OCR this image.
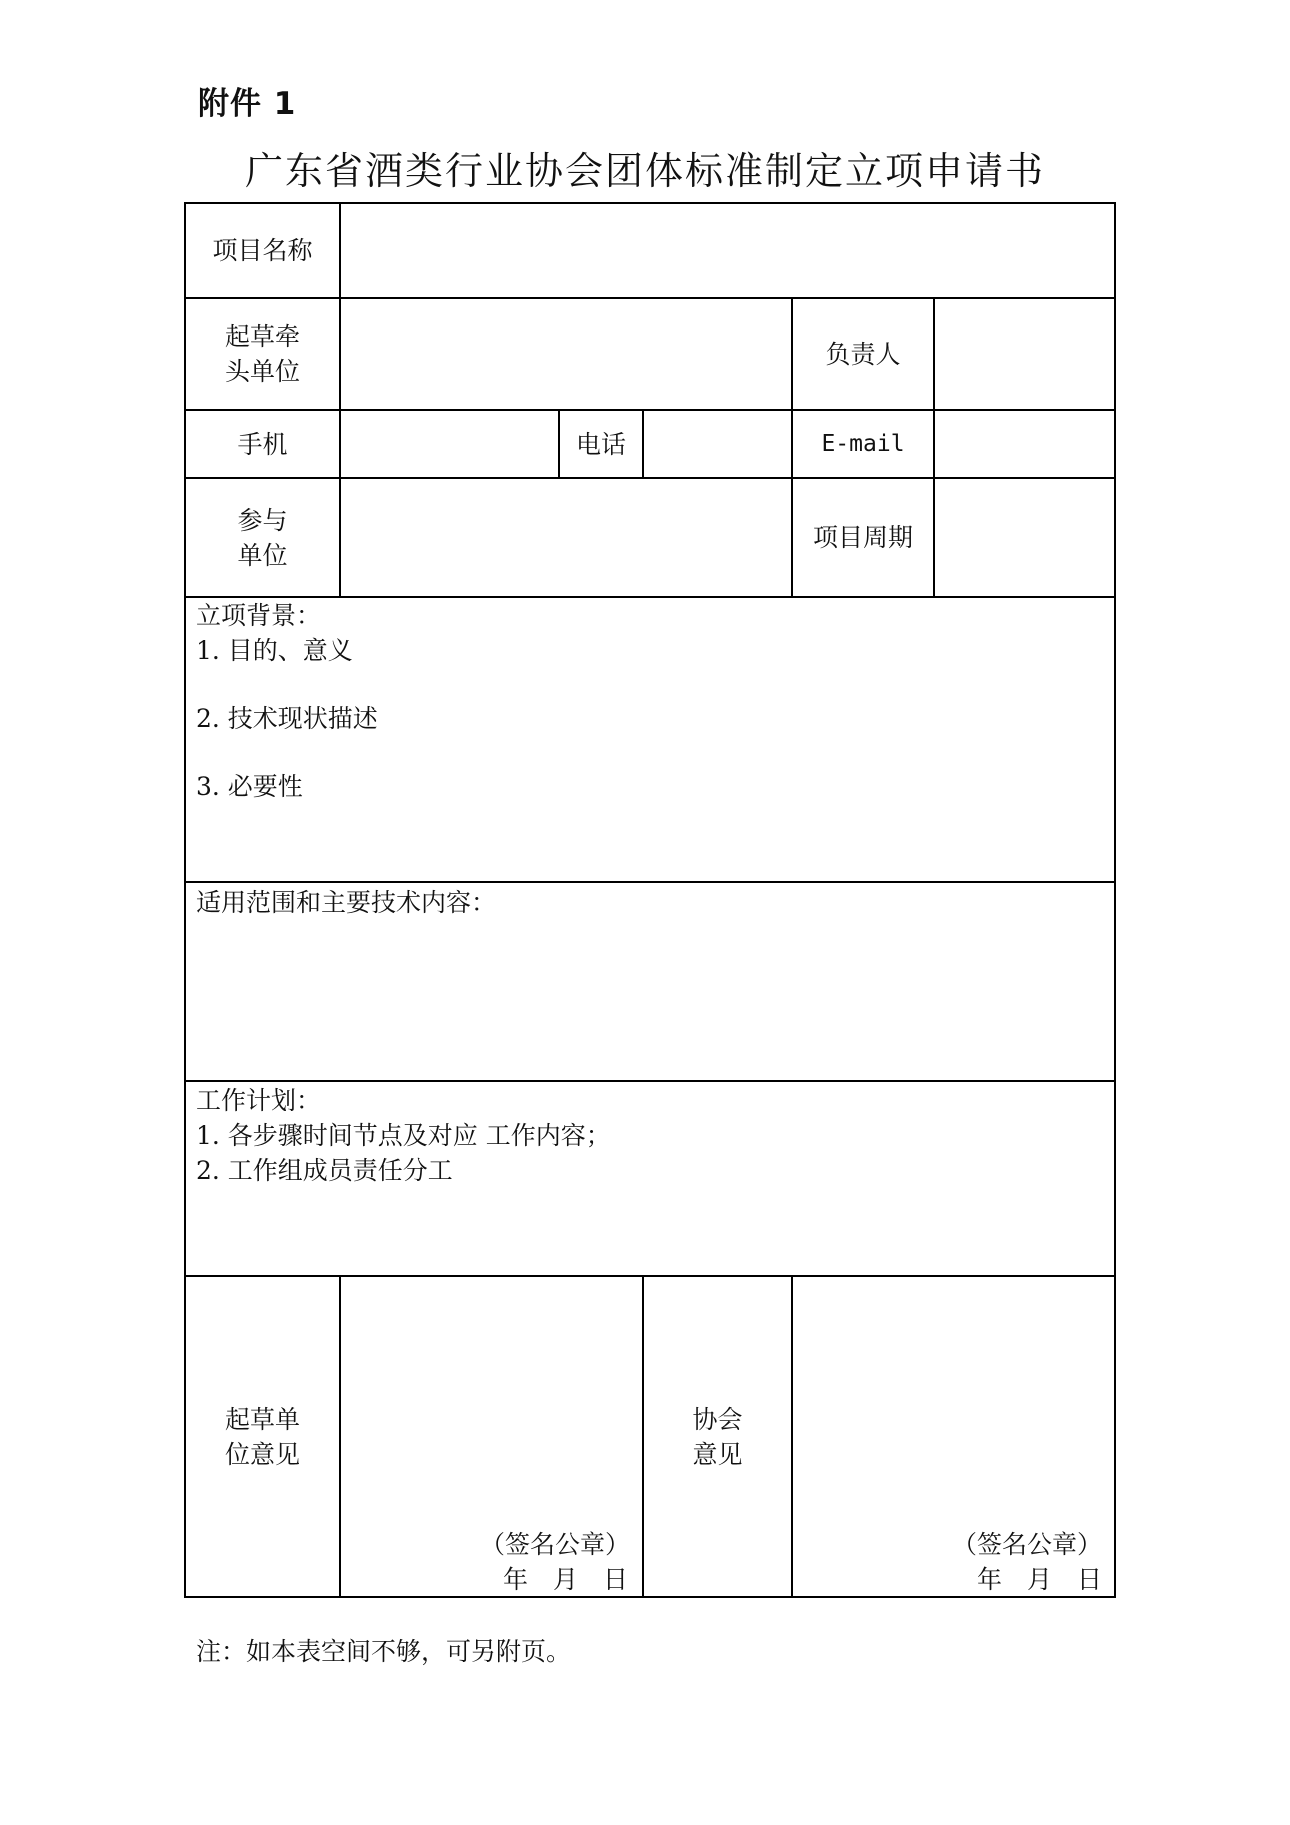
附件 1
广东省酒类行业协会团体标准制定立项申请书
项目名称
起草牵
头单位
负责人
手机	电话	E-mail
参与
单位
项目周期
立项背景：
1. 目的、意义
2. 技术现状描述
3. 必要性
适用范围和主要技术内容：
工作计划：
1. 各步骤时间节点及对应 工作内容；
2. 工作组成员责任分工
起草单
位意见
（签名公章）
年　月　日
协会
意见
（签名公章）
年　月　日
注：如本表空间不够，可另附页。
